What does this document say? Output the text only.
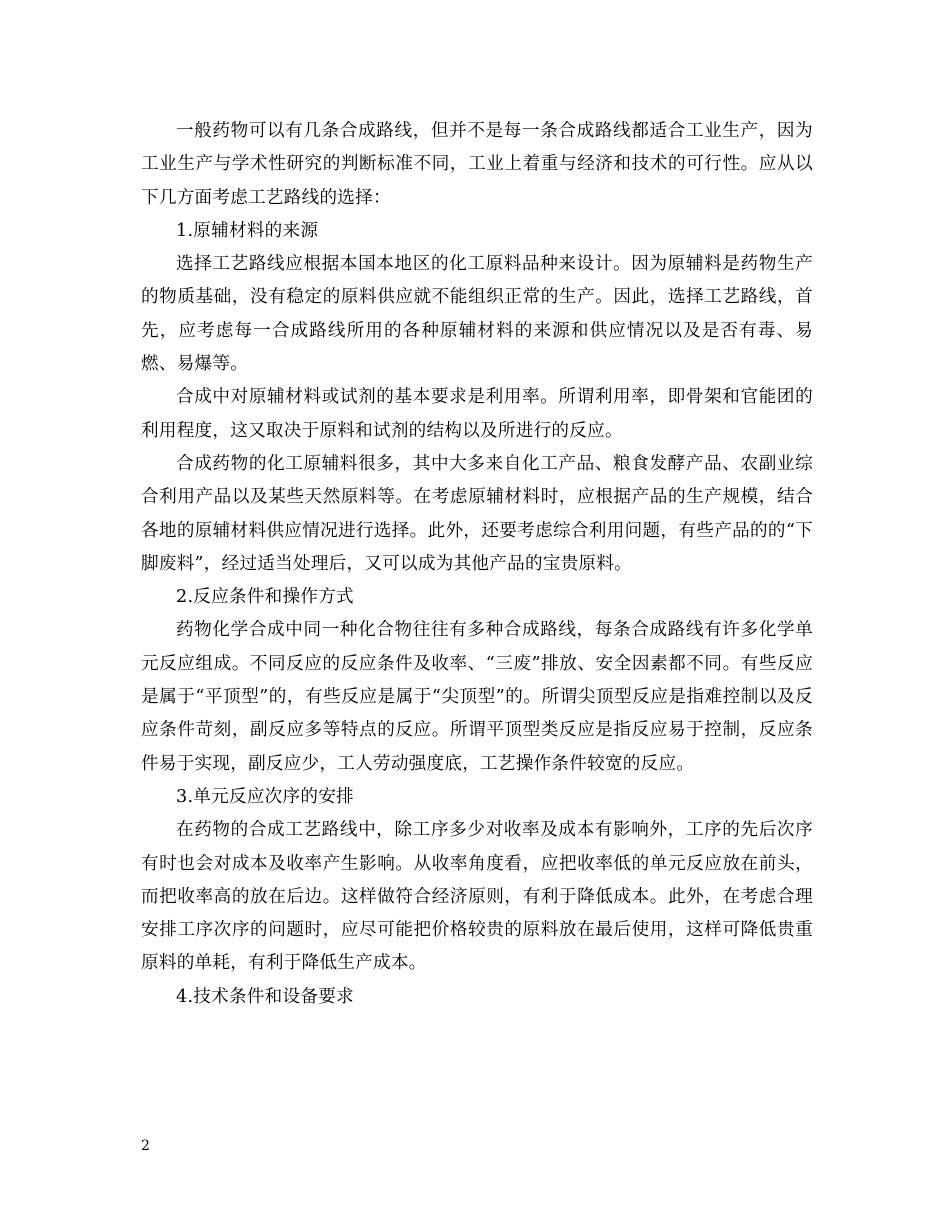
一般药物可以有几条合成路线，但并不是每一条合成路线都适合工业生产，因为工业生产与学术性研究的判断标准不同，工业上着重与经济和技术的可行性。应从以下几方面考虑工艺路线的选择：

1.原辅材料的来源

选择工艺路线应根据本国本地区的化工原料品种来设计。因为原辅料是药物生产的物质基础，没有稳定的原料供应就不能组织正常的生产。因此，选择工艺路线，首先，应考虑每一合成路线所用的各种原辅材料的来源和供应情况以及是否有毒、易燃、易爆等。

合成中对原辅材料或试剂的基本要求是利用率。所谓利用率，即骨架和官能团的利用程度，这又取决于原料和试剂的结构以及所进行的反应。

合成药物的化工原辅料很多，其中大多来自化工产品、粮食发酵产品、农副业综合利用产品以及某些天然原料等。在考虑原辅材料时，应根据产品的生产规模，结合各地的原辅材料供应情况进行选择。此外，还要考虑综合利用问题，有些产品的的“下脚废料”，经过适当处理后，又可以成为其他产品的宝贵原料。

2.反应条件和操作方式

药物化学合成中同一种化合物往往有多种合成路线，每条合成路线有许多化学单元反应组成。不同反应的反应条件及收率、“三废”排放、安全因素都不同。有些反应是属于“平顶型”的，有些反应是属于“尖顶型”的。所谓尖顶型反应是指难控制以及反应条件苛刻，副反应多等特点的反应。所谓平顶型类反应是指反应易于控制，反应条件易于实现，副反应少，工人劳动强度底，工艺操作条件较宽的反应。

3.单元反应次序的安排

在药物的合成工艺路线中，除工序多少对收率及成本有影响外，工序的先后次序有时也会对成本及收率产生影响。从收率角度看，应把收率低的单元反应放在前头，而把收率高的放在后边。这样做符合经济原则，有利于降低成本。此外，在考虑合理安排工序次序的问题时，应尽可能把价格较贵的原料放在最后使用，这样可降低贵重原料的单耗，有利于降低生产成本。

4.技术条件和设备要求

2
